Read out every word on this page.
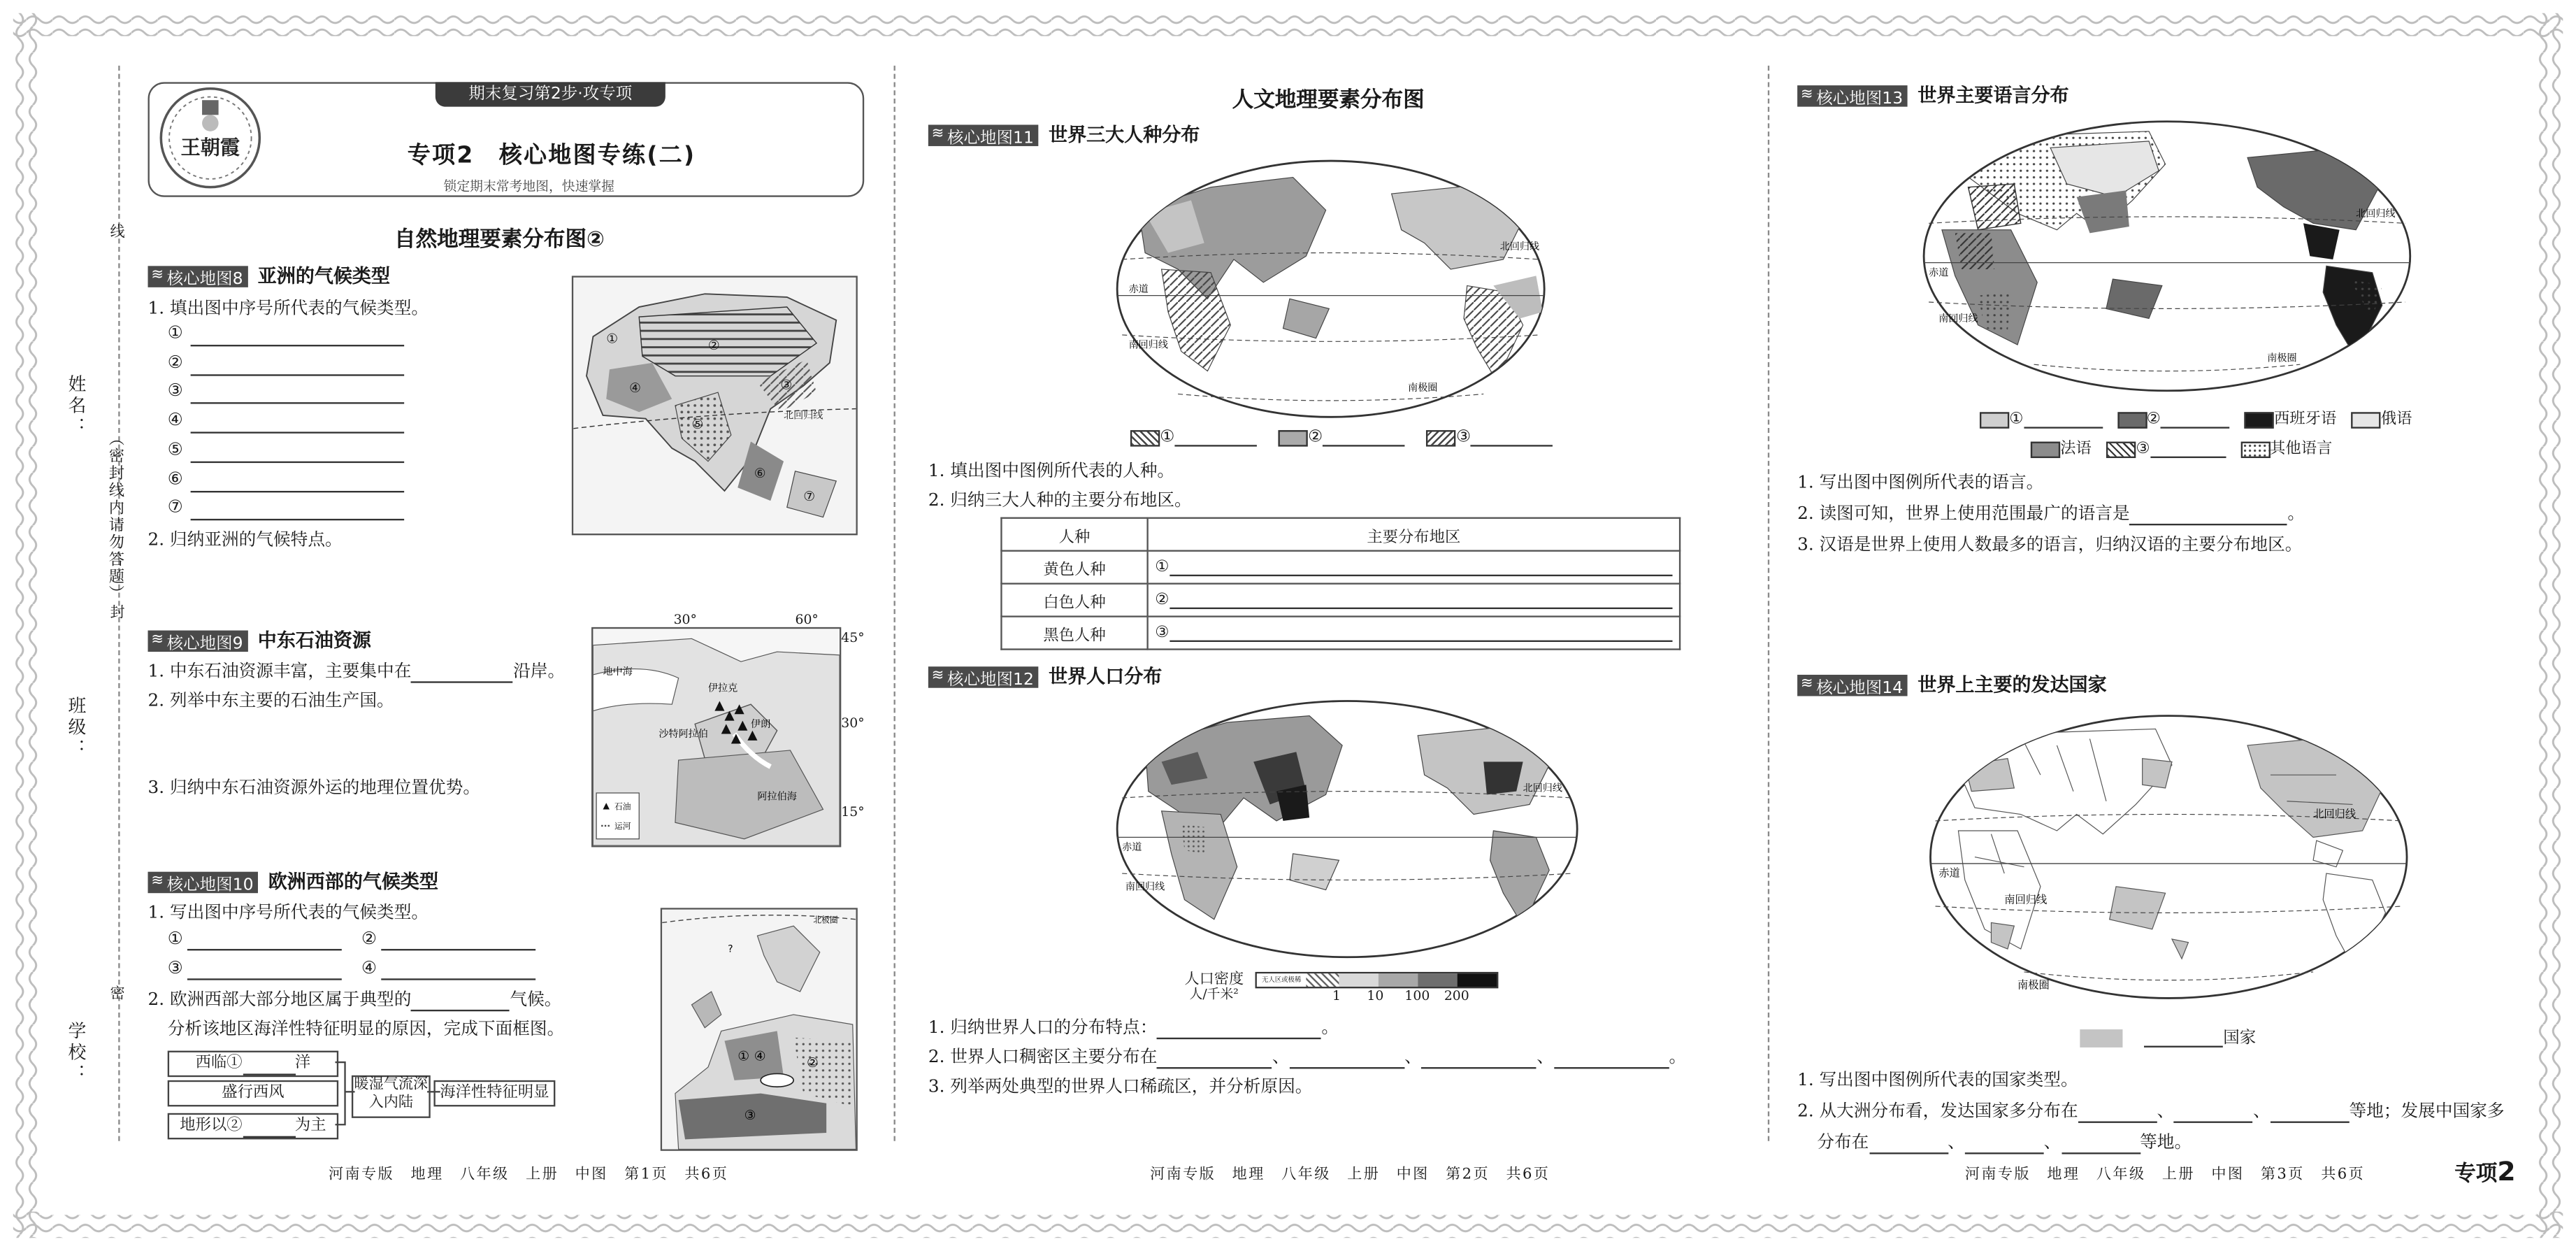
姓名：
班级：
学校：
（密封线内请勿答题）
线
封
密
期末复习第2步·攻专项
王朝霞	专项2　核心地图专练(二)
锁定期末常考地图，快速掌握
自然地理要素分布图②
≋ 核心地图8 亚洲的气候类型
1. 填出图中序号所代表的气候类型。
2. 归纳亚洲的气候特点。
北回归线
②
④
⑤
③
⑥
⑦
①
≋ 核心地图9 中东石油资源
1. 中东石油资源丰富，主要集中在	沿岸。
2. 列举中东主要的石油生产国。
3. 归纳中东石油资源外运的地理位置优势。
地中海
沙特阿拉伯
阿拉伯海
伊朗
伊拉克
石油
运河
30°	60°
45°
30°
15°
≋ 核心地图10 欧洲西部的气候类型
1. 写出图中序号所代表的气候类型。
①	②
③	④
2. 欧洲西部大部分地区属于典型的	气候。
分析该地区海洋性特征明显的原因，完成下面框图。
西临①	洋
盛行西风
地形以②	为主
暖湿气流深入内陆
海洋性特征明显
北极圈
?
①	②
④
③
河南专版　地理　八年级　上册　中图　第1页　共6页
人文地理要素分布图
≋ 核心地图11 世界三大人种分布
北回归线
赤道
南回归线
南极圈
①	②	③
1. 填出图中图例所代表的人种。
2. 归纳三大人种的主要分布地区。
人种	主要分布地区
黄色人种	①
白色人种	②
黑色人种	③
≋ 核心地图12 世界人口分布
北回归线
赤道
南回归线
人口密度
人/千米²
无人区或极稀
1	10	100	200
1. 归纳世界人口的分布特点：	。
2. 世界人口稠密区主要分布在	、	、	、	。
3. 列举两处典型的世界人口稀疏区，并分析原因。
河南专版　地理　八年级　上册　中图　第2页　共6页
≋ 核心地图13 世界主要语言分布
北回归线
赤道
南回归线
南极圈
①	②	西班牙语	俄语
法语	③	其他语言
1. 写出图中图例所代表的语言。
2. 读图可知，世界上使用范围最广的语言是	。
3. 汉语是世界上使用人数最多的语言，归纳汉语的主要分布地区。
≋ 核心地图14 世界上主要的发达国家
北回归线
赤道
南回归线
南极圈
国家
1. 写出图中图例所代表的国家类型。
2. 从大洲分布看，发达国家多分布在	、	、	等地；发展中国家多
分布在	、	、	等地。
河南专版　地理　八年级　上册　中图　第3页　共6页	专项2
①
②
③
④
⑤
⑥
⑦
